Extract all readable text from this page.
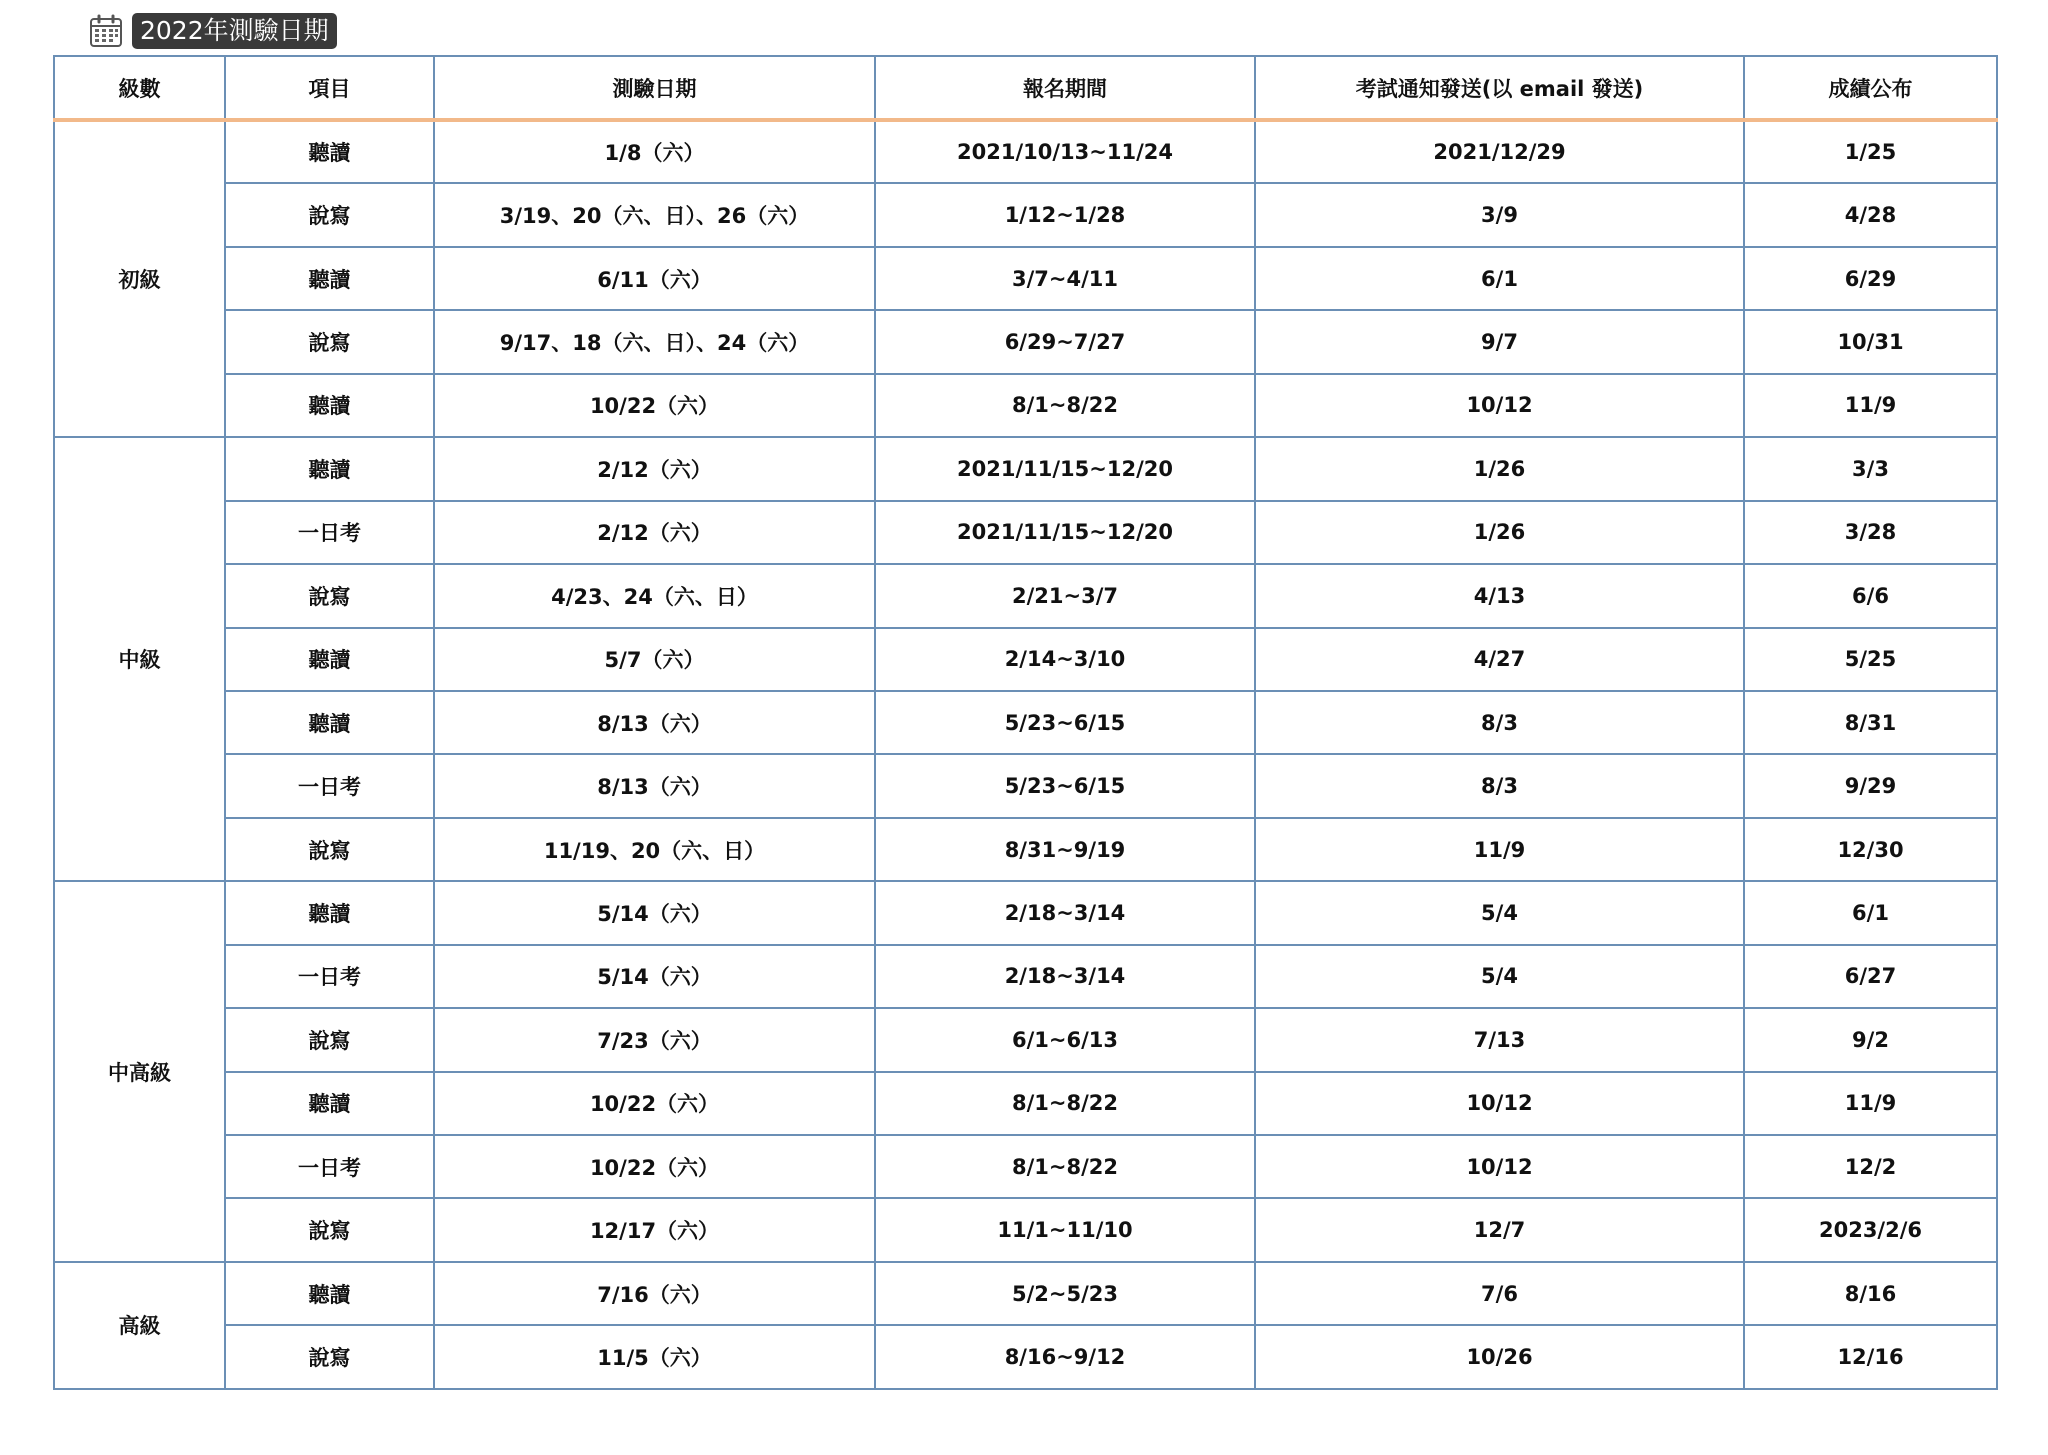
2022年測驗日期
級數	項目	測驗日期	報名期間	考試通知發送(以 email 發送)	成績公布
初級	聽讀	1/8（六）	2021/10/13~11/24	2021/12/29	1/25
	說寫	3/19、20（六、日）、26（六）	1/12~1/28	3/9	4/28
	聽讀	6/11（六）	3/7~4/11	6/1	6/29
	說寫	9/17、18（六、日）、24（六）	6/29~7/27	9/7	10/31
	聽讀	10/22（六）	8/1~8/22	10/12	11/9
中級	聽讀	2/12（六）	2021/11/15~12/20	1/26	3/3
	一日考	2/12（六）	2021/11/15~12/20	1/26	3/28
	說寫	4/23、24（六、日）	2/21~3/7	4/13	6/6
	聽讀	5/7（六）	2/14~3/10	4/27	5/25
	聽讀	8/13（六）	5/23~6/15	8/3	8/31
	一日考	8/13（六）	5/23~6/15	8/3	9/29
	說寫	11/19、20（六、日）	8/31~9/19	11/9	12/30
中高級	聽讀	5/14（六）	2/18~3/14	5/4	6/1
	一日考	5/14（六）	2/18~3/14	5/4	6/27
	說寫	7/23（六）	6/1~6/13	7/13	9/2
	聽讀	10/22（六）	8/1~8/22	10/12	11/9
	一日考	10/22（六）	8/1~8/22	10/12	12/2
	說寫	12/17（六）	11/1~11/10	12/7	2023/2/6
高級	聽讀	7/16（六）	5/2~5/23	7/6	8/16
	說寫	11/5（六）	8/16~9/12	10/26	12/16
